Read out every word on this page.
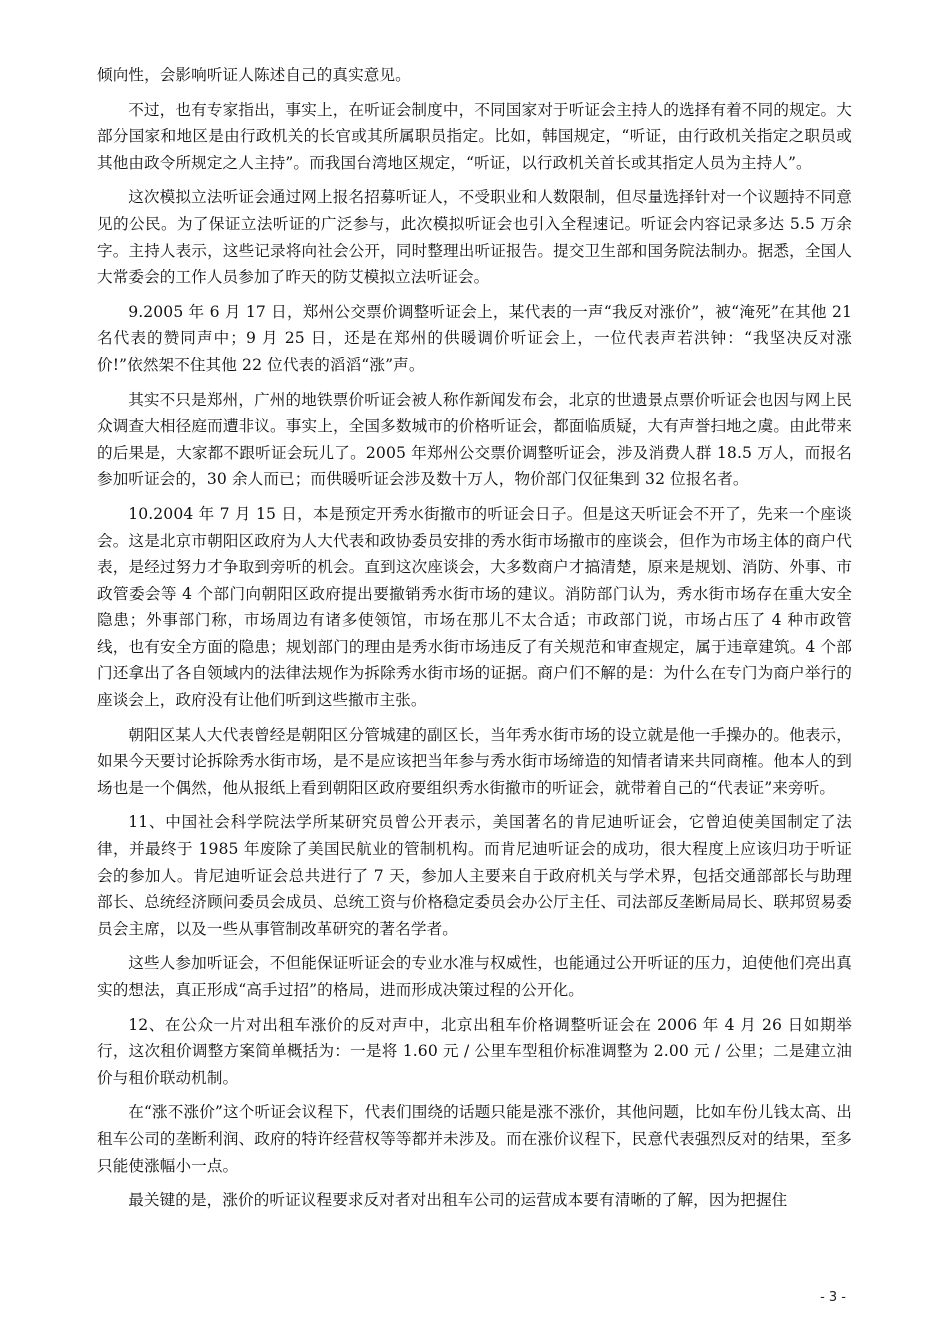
倾向性，会影响听证人陈述自己的真实意见。

不过，也有专家指出，事实上，在听证会制度中，不同国家对于听证会主持人的选择有着不同的规定。大部分国家和地区是由行政机关的长官或其所属职员指定。比如，韩国规定，“听证，由行政机关指定之职员或其他由政令所规定之人主持”。而我国台湾地区规定，“听证，以行政机关首长或其指定人员为主持人”。

这次模拟立法听证会通过网上报名招募听证人，不受职业和人数限制，但尽量选择针对一个议题持不同意见的公民。为了保证立法听证的广泛参与，此次模拟听证会也引入全程速记。听证会内容记录多达 5.5 万余字。主持人表示，这些记录将向社会公开，同时整理出听证报告。提交卫生部和国务院法制办。据悉，全国人大常委会的工作人员参加了昨天的防艾模拟立法听证会。

9.2005 年 6 月 17 日，郑州公交票价调整听证会上，某代表的一声“我反对涨价”，被“淹死”在其他 21 名代表的赞同声中；9 月 25 日，还是在郑州的供暖调价听证会上，一位代表声若洪钟：“我坚决反对涨价!”依然架不住其他 22 位代表的滔滔“涨”声。

其实不只是郑州，广州的地铁票价听证会被人称作新闻发布会，北京的世遗景点票价听证会也因与网上民众调查大相径庭而遭非议。事实上，全国多数城市的价格听证会，都面临质疑，大有声誉扫地之虞。由此带来的后果是，大家都不跟听证会玩儿了。2005 年郑州公交票价调整听证会，涉及消费人群 18.5 万人，而报名参加听证会的，30 余人而已；而供暖听证会涉及数十万人，物价部门仅征集到 32 位报名者。

10.2004 年 7 月 15 日，本是预定开秀水街撤市的听证会日子。但是这天听证会不开了，先来一个座谈会。这是北京市朝阳区政府为人大代表和政协委员安排的秀水街市场撤市的座谈会，但作为市场主体的商户代表，是经过努力才争取到旁听的机会。直到这次座谈会，大多数商户才搞清楚，原来是规划、消防、外事、市政管委会等 4 个部门向朝阳区政府提出要撤销秀水街市场的建议。消防部门认为，秀水街市场存在重大安全隐患；外事部门称，市场周边有诸多使领馆，市场在那儿不太合适；市政部门说，市场占压了 4 种市政管线，也有安全方面的隐患；规划部门的理由是秀水街市场违反了有关规范和审查规定，属于违章建筑。4 个部门还拿出了各自领域内的法律法规作为拆除秀水街市场的证据。商户们不解的是：为什么在专门为商户举行的座谈会上，政府没有让他们听到这些撤市主张。

朝阳区某人大代表曾经是朝阳区分管城建的副区长，当年秀水街市场的设立就是他一手操办的。他表示，如果今天要讨论拆除秀水街市场，是不是应该把当年参与秀水街市场缔造的知情者请来共同商榷。他本人的到场也是一个偶然，他从报纸上看到朝阳区政府要组织秀水街撤市的听证会，就带着自己的“代表证”来旁听。

11、中国社会科学院法学所某研究员曾公开表示，美国著名的肯尼迪听证会，它曾迫使美国制定了法律，并最终于 1985 年废除了美国民航业的管制机构。而肯尼迪听证会的成功，很大程度上应该归功于听证会的参加人。肯尼迪听证会总共进行了 7 天，参加人主要来自于政府机关与学术界，包括交通部部长与助理部长、总统经济顾问委员会成员、总统工资与价格稳定委员会办公厅主任、司法部反垄断局局长、联邦贸易委员会主席，以及一些从事管制改革研究的著名学者。

这些人参加听证会，不但能保证听证会的专业水准与权威性，也能通过公开听证的压力，迫使他们亮出真实的想法，真正形成“高手过招”的格局，进而形成决策过程的公开化。

12、在公众一片对出租车涨价的反对声中，北京出租车价格调整听证会在 2006 年 4 月 26 日如期举行，这次租价调整方案简单概括为：一是将 1.60 元 / 公里车型租价标准调整为 2.00 元 / 公里；二是建立油价与租价联动机制。

在“涨不涨价”这个听证会议程下，代表们围绕的话题只能是涨不涨价，其他问题，比如车份儿钱太高、出租车公司的垄断利润、政府的特许经营权等等都并未涉及。而在涨价议程下，民意代表强烈反对的结果，至多只能使涨幅小一点。

最关键的是，涨价的听证议程要求反对者对出租车公司的运营成本要有清晰的了解，因为把握住

- 3 -
